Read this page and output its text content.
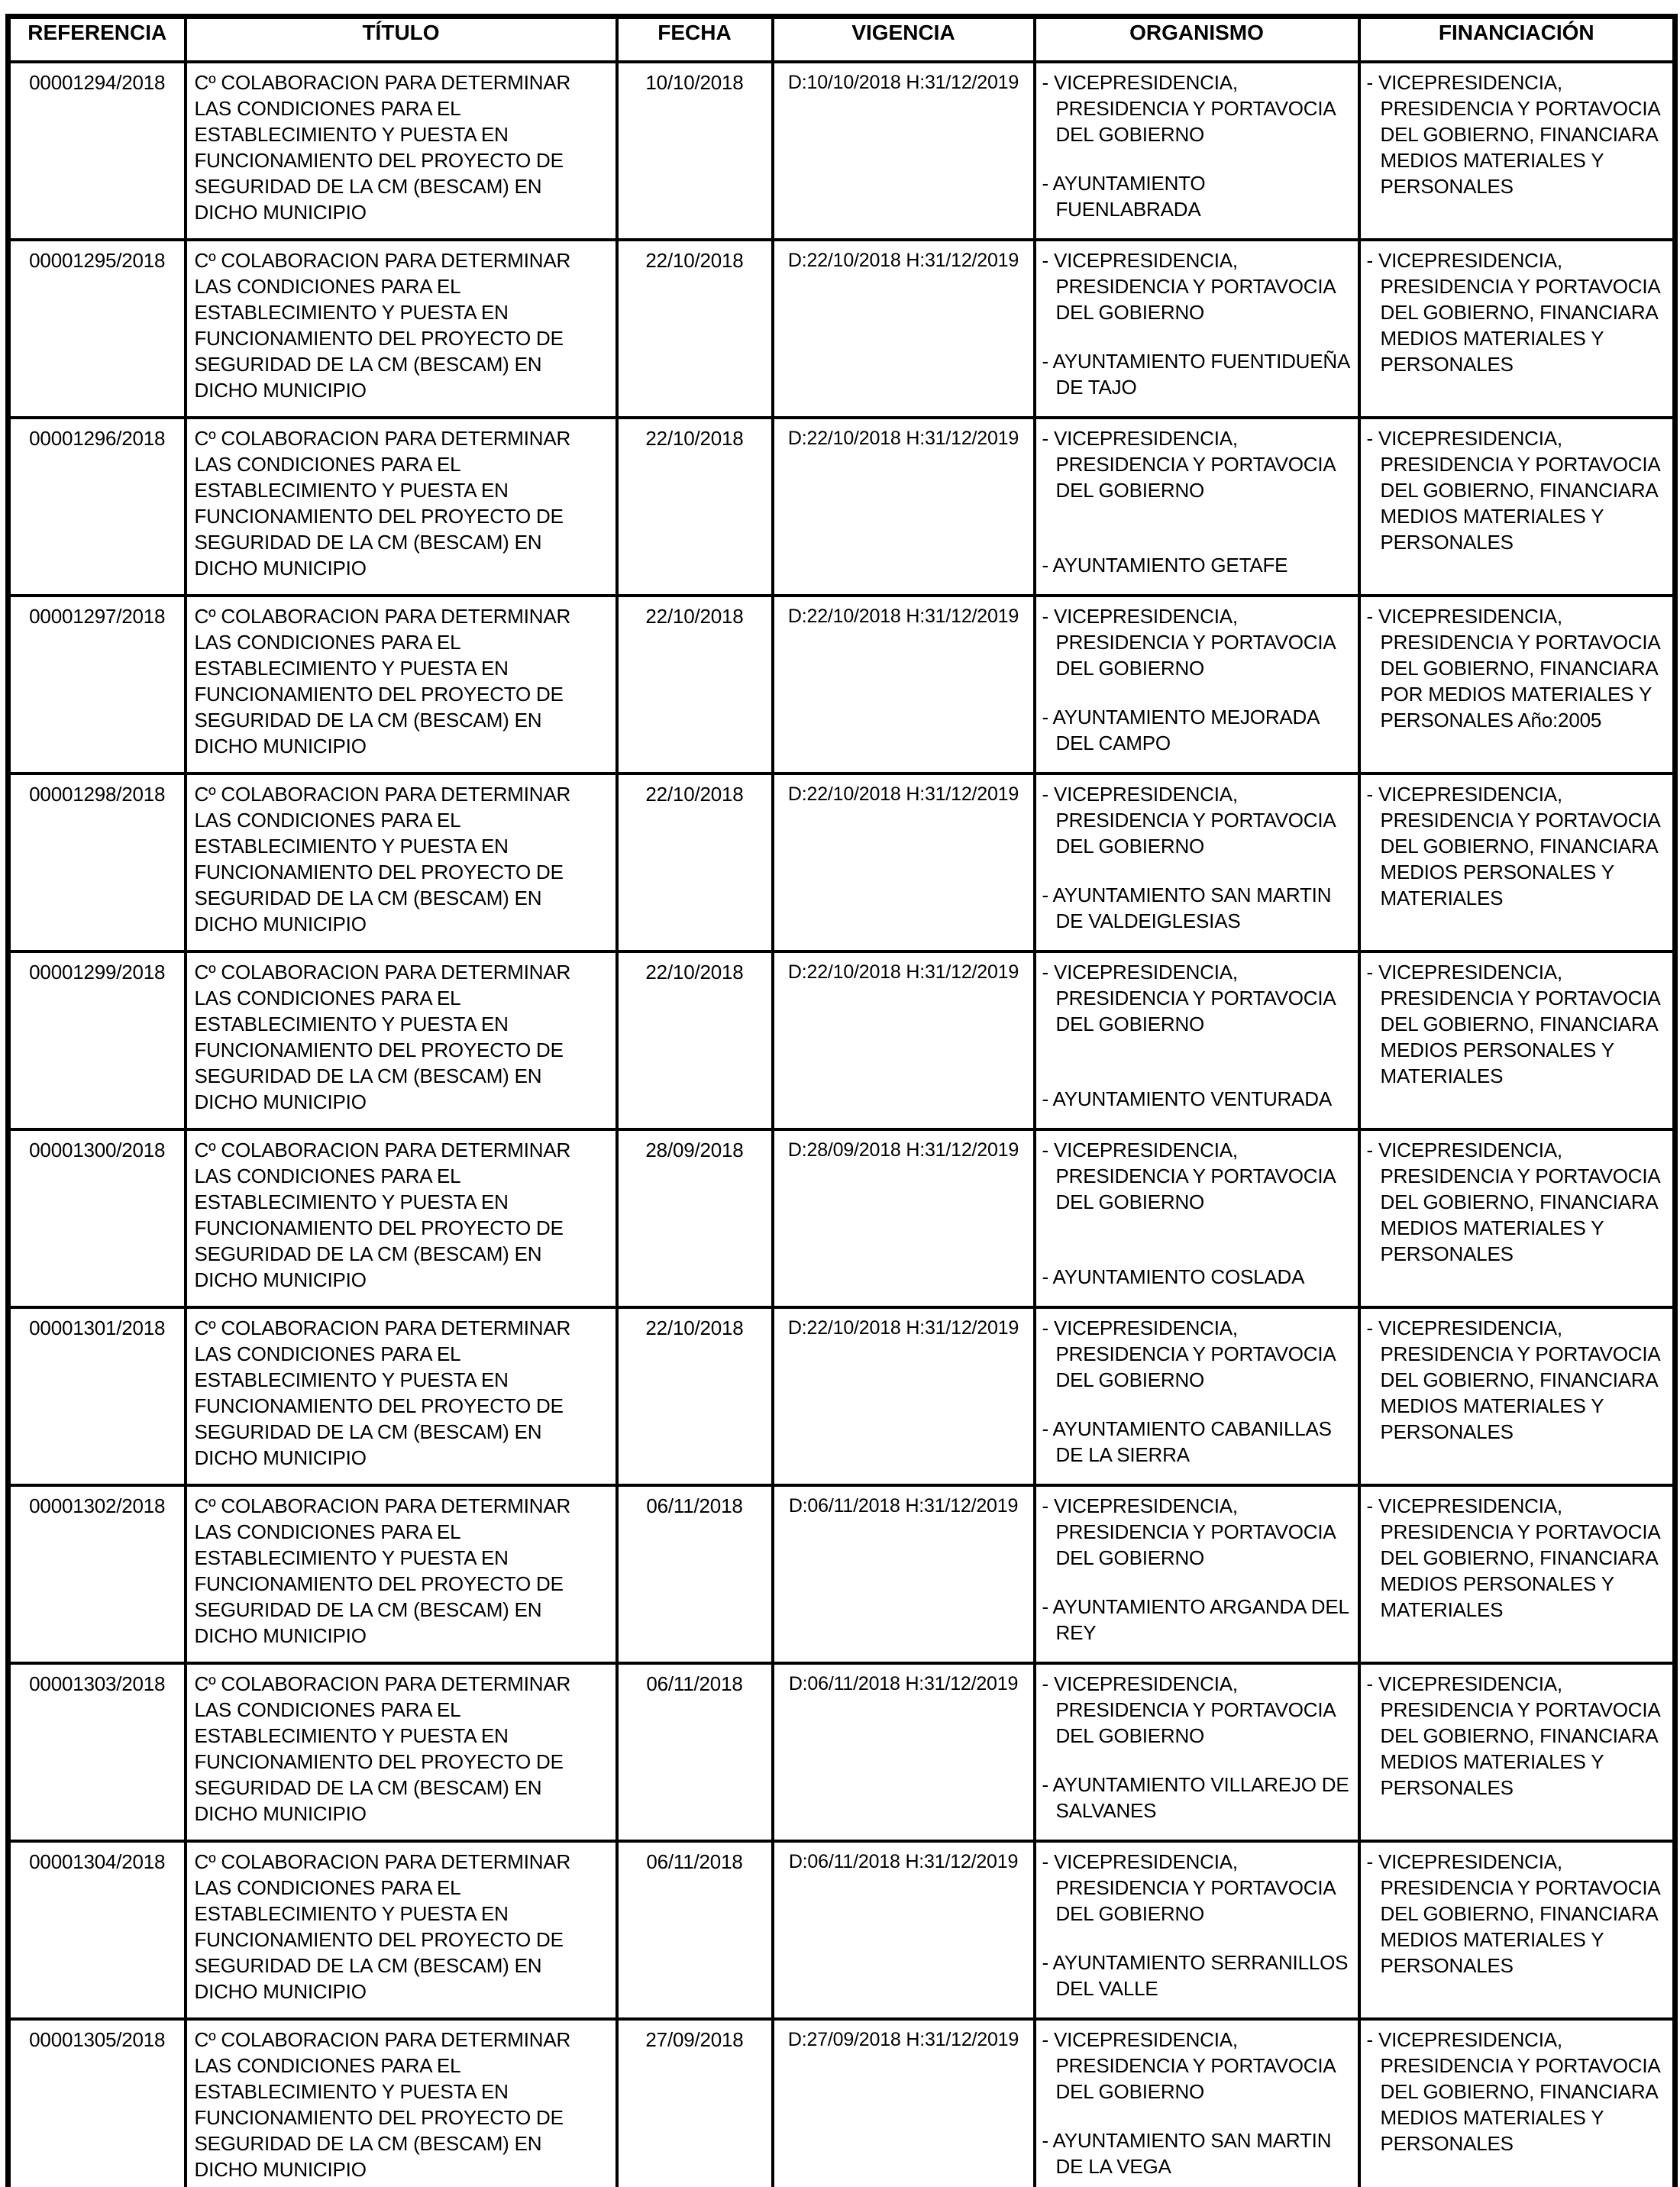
REFERENCIA	TÍTULO	FECHA	VIGENCIA	ORGANISMO	FINANCIACIÓN
00001294/2018	Cº COLABORACION PARA DETERMINAR LAS CONDICIONES PARA EL ESTABLECIMIENTO Y PUESTA EN FUNCIONAMIENTO DEL PROYECTO DE SEGURIDAD DE LA CM (BESCAM) EN DICHO MUNICIPIO	10/10/2018	D:10/10/2018 H:31/12/2019	- VICEPRESIDENCIA, PRESIDENCIA Y PORTAVOCIA DEL GOBIERNO
- AYUNTAMIENTO FUENLABRADA	- VICEPRESIDENCIA, PRESIDENCIA Y PORTAVOCIA DEL GOBIERNO, FINANCIARA MEDIOS MATERIALES Y PERSONALES

00001295/2018	Cº COLABORACION PARA DETERMINAR LAS CONDICIONES PARA EL ESTABLECIMIENTO Y PUESTA EN FUNCIONAMIENTO DEL PROYECTO DE SEGURIDAD DE LA CM (BESCAM) EN DICHO MUNICIPIO	22/10/2018	D:22/10/2018 H:31/12/2019	- VICEPRESIDENCIA, PRESIDENCIA Y PORTAVOCIA DEL GOBIERNO
- AYUNTAMIENTO FUENTIDUEÑA DE TAJO	- VICEPRESIDENCIA, PRESIDENCIA Y PORTAVOCIA DEL GOBIERNO, FINANCIARA MEDIOS MATERIALES Y PERSONALES

00001296/2018	Cº COLABORACION PARA DETERMINAR LAS CONDICIONES PARA EL ESTABLECIMIENTO Y PUESTA EN FUNCIONAMIENTO DEL PROYECTO DE SEGURIDAD DE LA CM (BESCAM) EN DICHO MUNICIPIO	22/10/2018	D:22/10/2018 H:31/12/2019	- VICEPRESIDENCIA, PRESIDENCIA Y PORTAVOCIA DEL GOBIERNO
- AYUNTAMIENTO GETAFE	- VICEPRESIDENCIA, PRESIDENCIA Y PORTAVOCIA DEL GOBIERNO, FINANCIARA MEDIOS MATERIALES Y PERSONALES

00001297/2018	Cº COLABORACION PARA DETERMINAR LAS CONDICIONES PARA EL ESTABLECIMIENTO Y PUESTA EN FUNCIONAMIENTO DEL PROYECTO DE SEGURIDAD DE LA CM (BESCAM) EN DICHO MUNICIPIO	22/10/2018	D:22/10/2018 H:31/12/2019	- VICEPRESIDENCIA, PRESIDENCIA Y PORTAVOCIA DEL GOBIERNO
- AYUNTAMIENTO MEJORADA DEL CAMPO	- VICEPRESIDENCIA, PRESIDENCIA Y PORTAVOCIA DEL GOBIERNO, FINANCIARA POR MEDIOS MATERIALES Y PERSONALES Año:2005

00001298/2018	Cº COLABORACION PARA DETERMINAR LAS CONDICIONES PARA EL ESTABLECIMIENTO Y PUESTA EN FUNCIONAMIENTO DEL PROYECTO DE SEGURIDAD DE LA CM (BESCAM) EN DICHO MUNICIPIO	22/10/2018	D:22/10/2018 H:31/12/2019	- VICEPRESIDENCIA, PRESIDENCIA Y PORTAVOCIA DEL GOBIERNO
- AYUNTAMIENTO SAN MARTIN DE VALDEIGLESIAS	- VICEPRESIDENCIA, PRESIDENCIA Y PORTAVOCIA DEL GOBIERNO, FINANCIARA MEDIOS PERSONALES Y MATERIALES

00001299/2018	Cº COLABORACION PARA DETERMINAR LAS CONDICIONES PARA EL ESTABLECIMIENTO Y PUESTA EN FUNCIONAMIENTO DEL PROYECTO DE SEGURIDAD DE LA CM (BESCAM) EN DICHO MUNICIPIO	22/10/2018	D:22/10/2018 H:31/12/2019	- VICEPRESIDENCIA, PRESIDENCIA Y PORTAVOCIA DEL GOBIERNO
- AYUNTAMIENTO VENTURADA	- VICEPRESIDENCIA, PRESIDENCIA Y PORTAVOCIA DEL GOBIERNO, FINANCIARA MEDIOS PERSONALES Y MATERIALES

00001300/2018	Cº COLABORACION PARA DETERMINAR LAS CONDICIONES PARA EL ESTABLECIMIENTO Y PUESTA EN FUNCIONAMIENTO DEL PROYECTO DE SEGURIDAD DE LA CM (BESCAM) EN DICHO MUNICIPIO	28/09/2018	D:28/09/2018 H:31/12/2019	- VICEPRESIDENCIA, PRESIDENCIA Y PORTAVOCIA DEL GOBIERNO
- AYUNTAMIENTO COSLADA	- VICEPRESIDENCIA, PRESIDENCIA Y PORTAVOCIA DEL GOBIERNO, FINANCIARA MEDIOS MATERIALES Y PERSONALES

00001301/2018	Cº COLABORACION PARA DETERMINAR LAS CONDICIONES PARA EL ESTABLECIMIENTO Y PUESTA EN FUNCIONAMIENTO DEL PROYECTO DE SEGURIDAD DE LA CM (BESCAM) EN DICHO MUNICIPIO	22/10/2018	D:22/10/2018 H:31/12/2019	- VICEPRESIDENCIA, PRESIDENCIA Y PORTAVOCIA DEL GOBIERNO
- AYUNTAMIENTO CABANILLAS DE LA SIERRA	- VICEPRESIDENCIA, PRESIDENCIA Y PORTAVOCIA DEL GOBIERNO, FINANCIARA MEDIOS MATERIALES Y PERSONALES

00001302/2018	Cº COLABORACION PARA DETERMINAR LAS CONDICIONES PARA EL ESTABLECIMIENTO Y PUESTA EN FUNCIONAMIENTO DEL PROYECTO DE SEGURIDAD DE LA CM (BESCAM) EN DICHO MUNICIPIO	06/11/2018	D:06/11/2018 H:31/12/2019	- VICEPRESIDENCIA, PRESIDENCIA Y PORTAVOCIA DEL GOBIERNO
- AYUNTAMIENTO ARGANDA DEL REY	- VICEPRESIDENCIA, PRESIDENCIA Y PORTAVOCIA DEL GOBIERNO, FINANCIARA MEDIOS PERSONALES Y MATERIALES

00001303/2018	Cº COLABORACION PARA DETERMINAR LAS CONDICIONES PARA EL ESTABLECIMIENTO Y PUESTA EN FUNCIONAMIENTO DEL PROYECTO DE SEGURIDAD DE LA CM (BESCAM) EN DICHO MUNICIPIO	06/11/2018	D:06/11/2018 H:31/12/2019	- VICEPRESIDENCIA, PRESIDENCIA Y PORTAVOCIA DEL GOBIERNO
- AYUNTAMIENTO VILLAREJO DE SALVANES	- VICEPRESIDENCIA, PRESIDENCIA Y PORTAVOCIA DEL GOBIERNO, FINANCIARA MEDIOS MATERIALES Y PERSONALES

00001304/2018	Cº COLABORACION PARA DETERMINAR LAS CONDICIONES PARA EL ESTABLECIMIENTO Y PUESTA EN FUNCIONAMIENTO DEL PROYECTO DE SEGURIDAD DE LA CM (BESCAM) EN DICHO MUNICIPIO	06/11/2018	D:06/11/2018 H:31/12/2019	- VICEPRESIDENCIA, PRESIDENCIA Y PORTAVOCIA DEL GOBIERNO
- AYUNTAMIENTO SERRANILLOS DEL VALLE	- VICEPRESIDENCIA, PRESIDENCIA Y PORTAVOCIA DEL GOBIERNO, FINANCIARA MEDIOS MATERIALES Y PERSONALES

00001305/2018	Cº COLABORACION PARA DETERMINAR LAS CONDICIONES PARA EL ESTABLECIMIENTO Y PUESTA EN FUNCIONAMIENTO DEL PROYECTO DE SEGURIDAD DE LA CM (BESCAM) EN DICHO MUNICIPIO	27/09/2018	D:27/09/2018 H:31/12/2019	- VICEPRESIDENCIA, PRESIDENCIA Y PORTAVOCIA DEL GOBIERNO
- AYUNTAMIENTO SAN MARTIN DE LA VEGA	- VICEPRESIDENCIA, PRESIDENCIA Y PORTAVOCIA DEL GOBIERNO, FINANCIARA MEDIOS MATERIALES Y PERSONALES
